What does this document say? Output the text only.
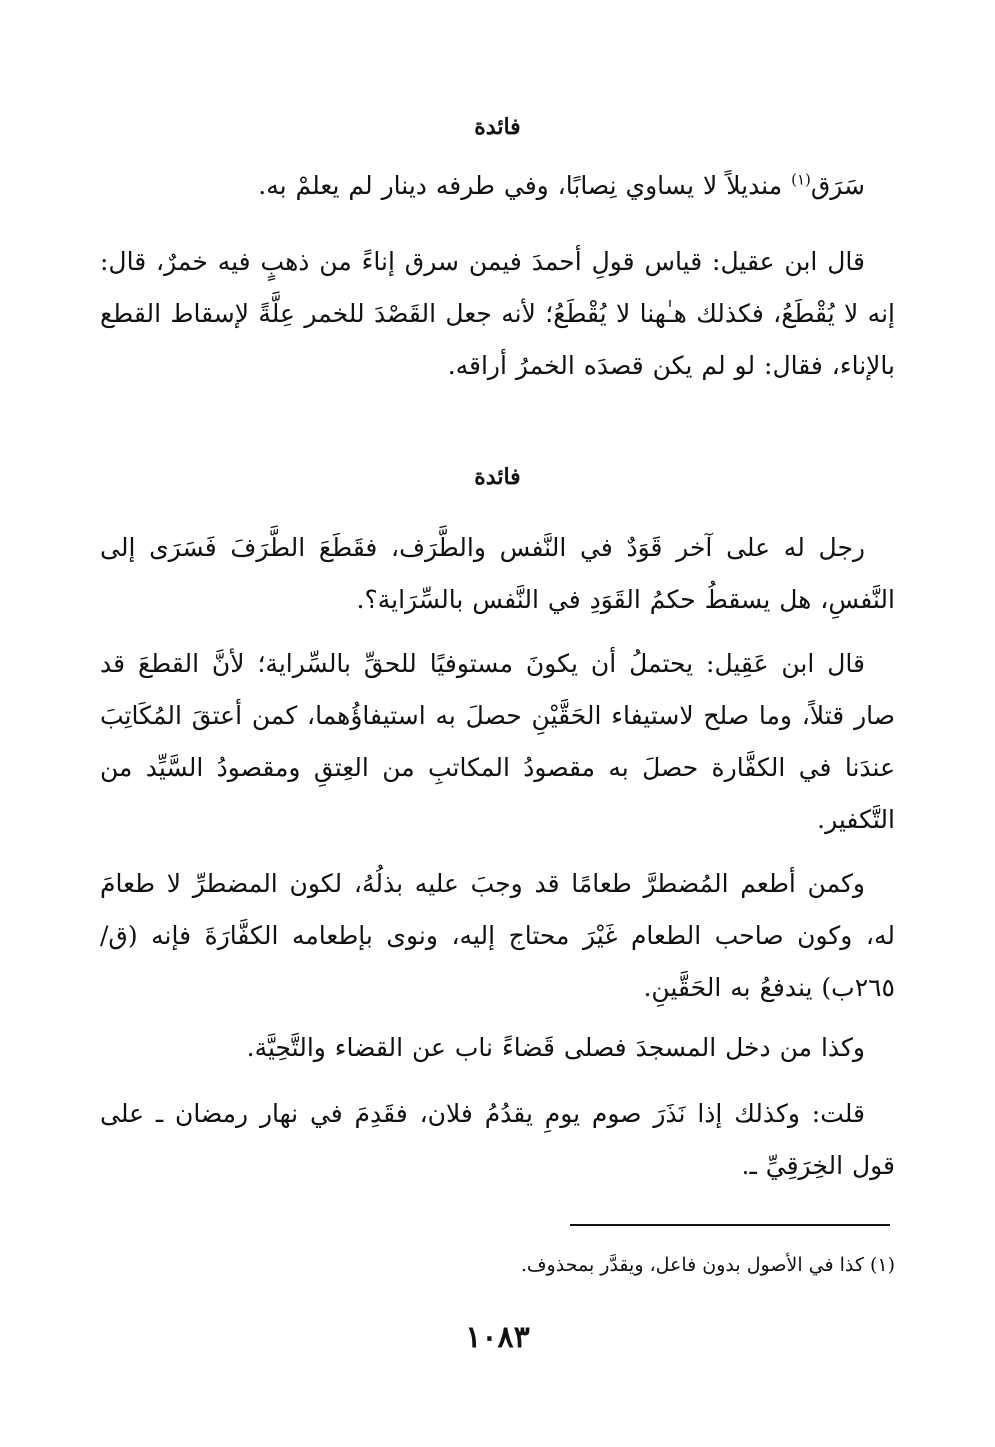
فائدة
سَرَق$^{(١)}$ منديلاً لا يساوي نِصابًا، وفي طرفه دينار لم يعلمْ به.
قال ابن عقيل: قياس قولِ أحمدَ فيمن سرق إناءً من ذهبٍ فيه خمرٌ، قال: إنه لا يُقْطَعُ، فكذلك هـٰهنا لا يُقْطَعُ؛ لأنه جعل القَصْدَ للخمر عِلَّةً لإسقاط القطع بالإناء، فقال: لو لم يكن قصدَه الخمرُ أراقه.
فائدة
رجل له على آخر قَوَدٌ في النَّفس والطَّرَف، فقَطَعَ الطَّرَفَ فَسَرَى إلى النَّفسِ، هل يسقطُ حكمُ القَوَدِ في النَّفس بالسِّرَاية؟.
قال ابن عَقِيل: يحتملُ أن يكونَ مستوفيًا للحقِّ بالسِّراية؛ لأنَّ القطعَ قد صار قتلاً، وما صلح لاستيفاء الحَقَّيْنِ حصلَ به استيفاؤُهما، كمن أعتقَ المُكَاتِبَ عندَنا في الكفَّارة حصلَ به مقصودُ المكاتبِ من العِتقِ ومقصودُ السَّيِّد من التَّكفير.
وكمن أطعم المُضطرَّ طعامًا قد وجبَ عليه بذلُهُ، لكون المضطرِّ لا طعامَ له، وكون صاحب الطعام غَيْرَ محتاج إليه، ونوى بإطعامه الكفَّارَةَ فإنه (ق/٢٦٥ب) يندفعُ به الحَقَّينِ.
وكذا من دخل المسجدَ فصلى قَضاءً ناب عن القضاء والتَّحِيَّة.
قلت: وكذلك إذا نَذَرَ صوم يومِ يقدُمُ فلان، فقَدِمَ في نهار رمضان ـ على قول الخِرَقِيِّ ـ.
(١) كذا في الأصول بدون فاعل، ويقدَّر بمحذوف.
١٠٨٣
